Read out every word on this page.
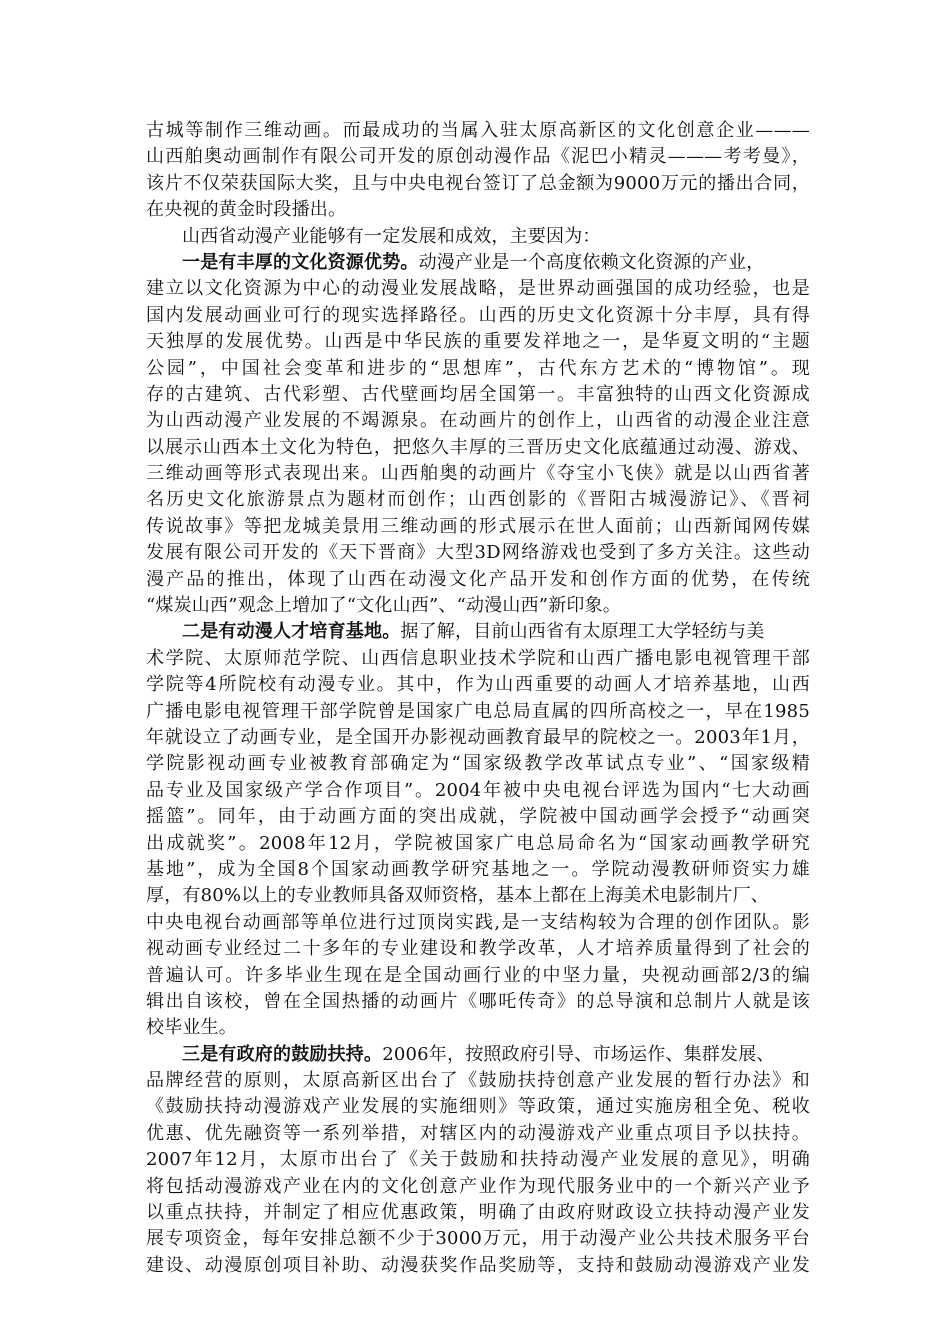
古城等制作三维动画。而最成功的当属入驻太原高新区的文化创意企业———
山西舶奥动画制作有限公司开发的原创动漫作品《泥巴小精灵———考考曼》，
该片不仅荣获国际大奖，且与中央电视台签订了总金额为9000万元的播出合同，
在央视的黄金时段播出。
山西省动漫产业能够有一定发展和成效，主要因为：
一是有丰厚的文化资源优势。动漫产业是一个高度依赖文化资源的产业，
建立以文化资源为中心的动漫业发展战略，是世界动画强国的成功经验，也是
国内发展动画业可行的现实选择路径。山西的历史文化资源十分丰厚，具有得
天独厚的发展优势。山西是中华民族的重要发祥地之一，是华夏文明的“主题
公园”，中国社会变革和进步的“思想库”，古代东方艺术的“博物馆”。现
存的古建筑、古代彩塑、古代壁画均居全国第一。丰富独特的山西文化资源成
为山西动漫产业发展的不竭源泉。在动画片的创作上，山西省的动漫企业注意
以展示山西本土文化为特色，把悠久丰厚的三晋历史文化底蕴通过动漫、游戏、
三维动画等形式表现出来。山西舶奥的动画片《夺宝小飞侠》就是以山西省著
名历史文化旅游景点为题材而创作；山西创影的《晋阳古城漫游记》、《晋祠
传说故事》等把龙城美景用三维动画的形式展示在世人面前；山西新闻网传媒
发展有限公司开发的《天下晋商》大型3D网络游戏也受到了多方关注。这些动
漫产品的推出，体现了山西在动漫文化产品开发和创作方面的优势，在传统
“煤炭山西”观念上增加了“文化山西”、“动漫山西”新印象。
二是有动漫人才培育基地。据了解，目前山西省有太原理工大学轻纺与美
术学院、太原师范学院、山西信息职业技术学院和山西广播电影电视管理干部
学院等4所院校有动漫专业。其中，作为山西重要的动画人才培养基地，山西
广播电影电视管理干部学院曾是国家广电总局直属的四所高校之一，早在1985
年就设立了动画专业，是全国开办影视动画教育最早的院校之一。2003年1月，
学院影视动画专业被教育部确定为“国家级教学改革试点专业”、“国家级精
品专业及国家级产学合作项目”。2004年被中央电视台评选为国内“七大动画
摇篮”。同年，由于动画方面的突出成就，学院被中国动画学会授予“动画突
出成就奖”。2008年12月，学院被国家广电总局命名为“国家动画教学研究
基地”，成为全国8个国家动画教学研究基地之一。学院动漫教研师资实力雄
厚，有80%以上的专业教师具备双师资格，基本上都在上海美术电影制片厂、
中央电视台动画部等单位进行过顶岗实践,是一支结构较为合理的创作团队。影
视动画专业经过二十多年的专业建设和教学改革，人才培养质量得到了社会的
普遍认可。许多毕业生现在是全国动画行业的中坚力量，央视动画部2/3的编
辑出自该校，曾在全国热播的动画片《哪吒传奇》的总导演和总制片人就是该
校毕业生。
三是有政府的鼓励扶持。2006年，按照政府引导、市场运作、集群发展、
品牌经营的原则，太原高新区出台了《鼓励扶持创意产业发展的暂行办法》和
《鼓励扶持动漫游戏产业发展的实施细则》等政策，通过实施房租全免、税收
优惠、优先融资等一系列举措，对辖区内的动漫游戏产业重点项目予以扶持。
2007年12月，太原市出台了《关于鼓励和扶持动漫产业发展的意见》，明确
将包括动漫游戏产业在内的文化创意产业作为现代服务业中的一个新兴产业予
以重点扶持，并制定了相应优惠政策，明确了由政府财政设立扶持动漫产业发
展专项资金，每年安排总额不少于3000万元，用于动漫产业公共技术服务平台
建设、动漫原创项目补助、动漫获奖作品奖励等，支持和鼓励动漫游戏产业发
